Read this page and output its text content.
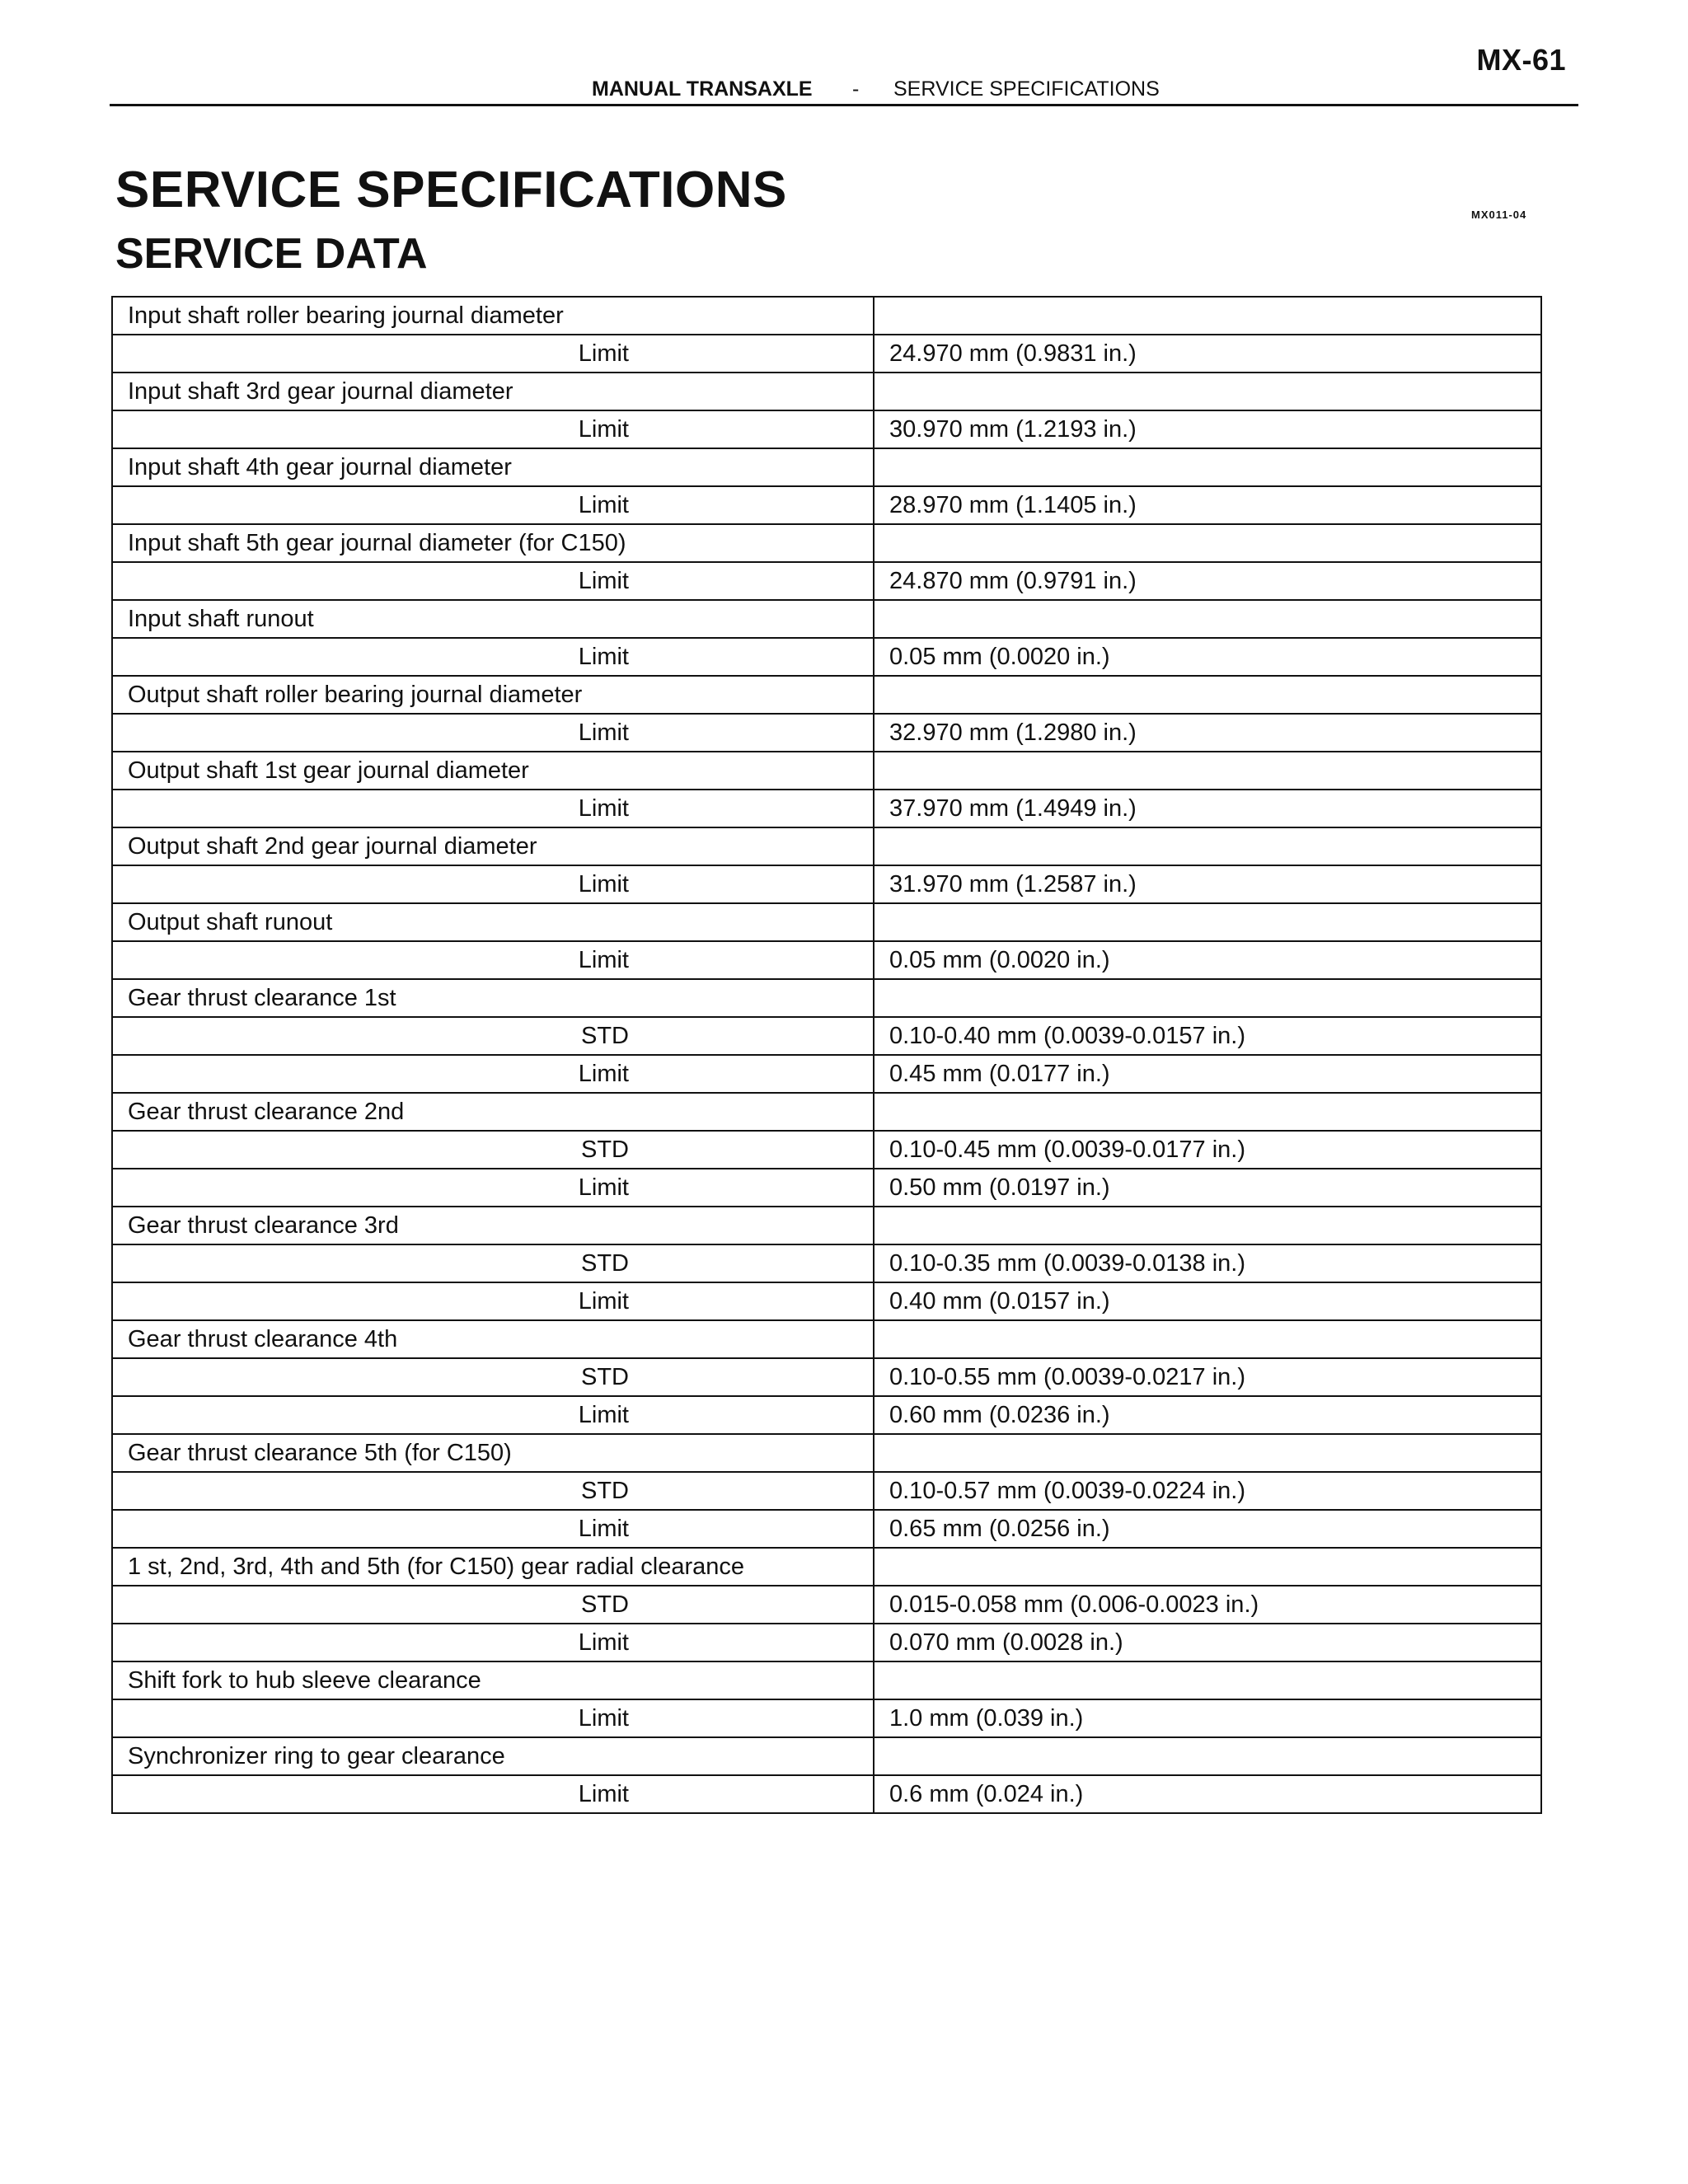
MX-61
MANUAL TRANSAXLE - SERVICE SPECIFICATIONS
SERVICE SPECIFICATIONS
SERVICE DATA
MX011-04
Input shaft roller bearing journal diameter	
Limit	24.970 mm (0.9831 in.)
Input shaft 3rd gear journal diameter	
Limit	30.970 mm (1.2193 in.)
Input shaft 4th gear journal diameter	
Limit	28.970 mm (1.1405 in.)
Input shaft 5th gear journal diameter (for C150)	
Limit	24.870 mm (0.9791 in.)
Input shaft runout	
Limit	0.05 mm (0.0020 in.)
Output shaft roller bearing journal diameter	
Limit	32.970 mm (1.2980 in.)
Output shaft 1st gear journal diameter	
Limit	37.970 mm (1.4949 in.)
Output shaft 2nd gear journal diameter	
Limit	31.970 mm (1.2587 in.)
Output shaft runout	
Limit	0.05 mm (0.0020 in.)
Gear thrust clearance 1st	
STD	0.10-0.40 mm (0.0039-0.0157 in.)
Limit	0.45 mm (0.0177 in.)
Gear thrust clearance 2nd	
STD	0.10-0.45 mm (0.0039-0.0177 in.)
Limit	0.50 mm (0.0197 in.)
Gear thrust clearance 3rd	
STD	0.10-0.35 mm (0.0039-0.0138 in.)
Limit	0.40 mm (0.0157 in.)
Gear thrust clearance 4th	
STD	0.10-0.55 mm (0.0039-0.0217 in.)
Limit	0.60 mm (0.0236 in.)
Gear thrust clearance 5th (for C150)	
STD	0.10-0.57 mm (0.0039-0.0224 in.)
Limit	0.65 mm (0.0256 in.)
1 st, 2nd, 3rd, 4th and 5th (for C150) gear radial clearance	
STD	0.015-0.058 mm (0.006-0.0023 in.)
Limit	0.070 mm (0.0028 in.)
Shift fork to hub sleeve clearance	
Limit	1.0 mm (0.039 in.)
Synchronizer ring to gear clearance	
Limit	0.6 mm (0.024 in.)
